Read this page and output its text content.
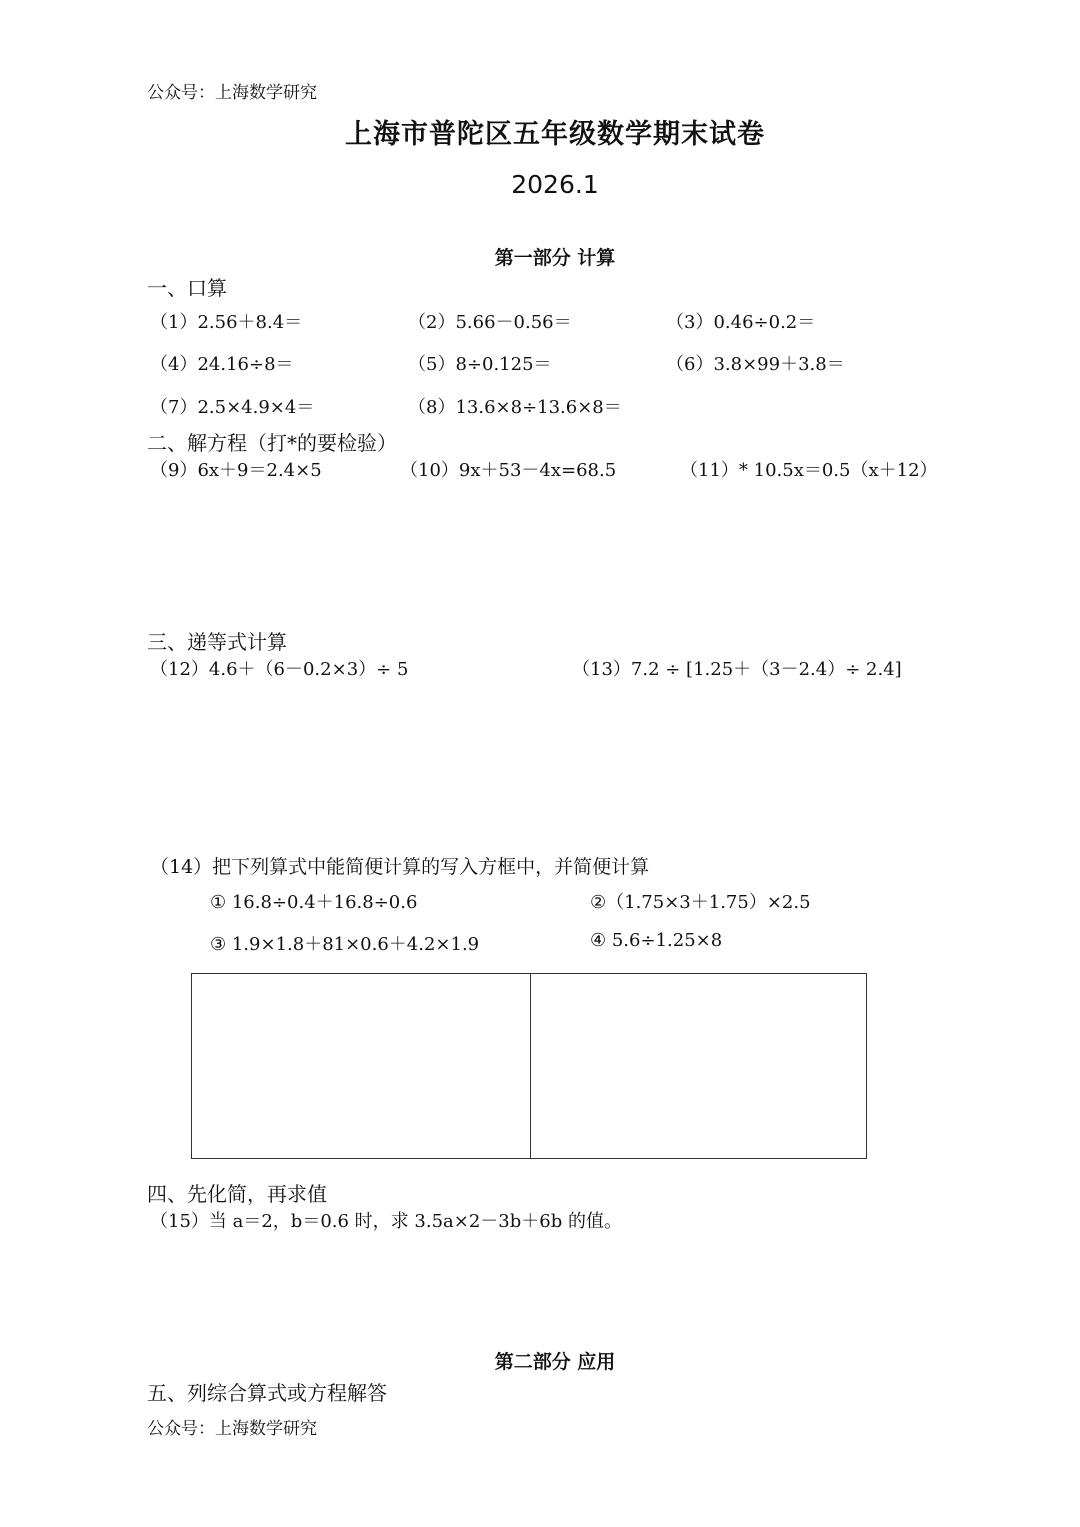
公众号：上海数学研究
上海市普陀区五年级数学期末试卷
2026.1
第一部分 计算
一、口算
（1）2.56＋8.4＝	（2）5.66－0.56＝	（3）0.46÷0.2＝
（4）24.16÷8＝	（5）8÷0.125＝	（6）3.8×99＋3.8＝
（7）2.5×4.9×4＝	（8）13.6×8÷13.6×8＝
二、解方程（打*的要检验）
（9）6x＋9＝2.4×5	（10）9x＋53－4x=68.5	（11）* 10.5x＝0.5（x＋12）
三、递等式计算
（12）4.6＋（6－0.2×3）÷ 5	（13）7.2 ÷ [1.25＋（3－2.4）÷ 2.4]
（14）把下列算式中能简便计算的写入方框中，并简便计算
① 16.8÷0.4＋16.8÷0.6	②（1.75×3＋1.75）×2.5
③ 1.9×1.8＋81×0.6＋4.2×1.9	④ 5.6÷1.25×8
四、先化简，再求值
（15）当 a＝2，b＝0.6 时，求 3.5a×2－3b＋6b 的值。
第二部分 应用
五、列综合算式或方程解答
公众号：上海数学研究
